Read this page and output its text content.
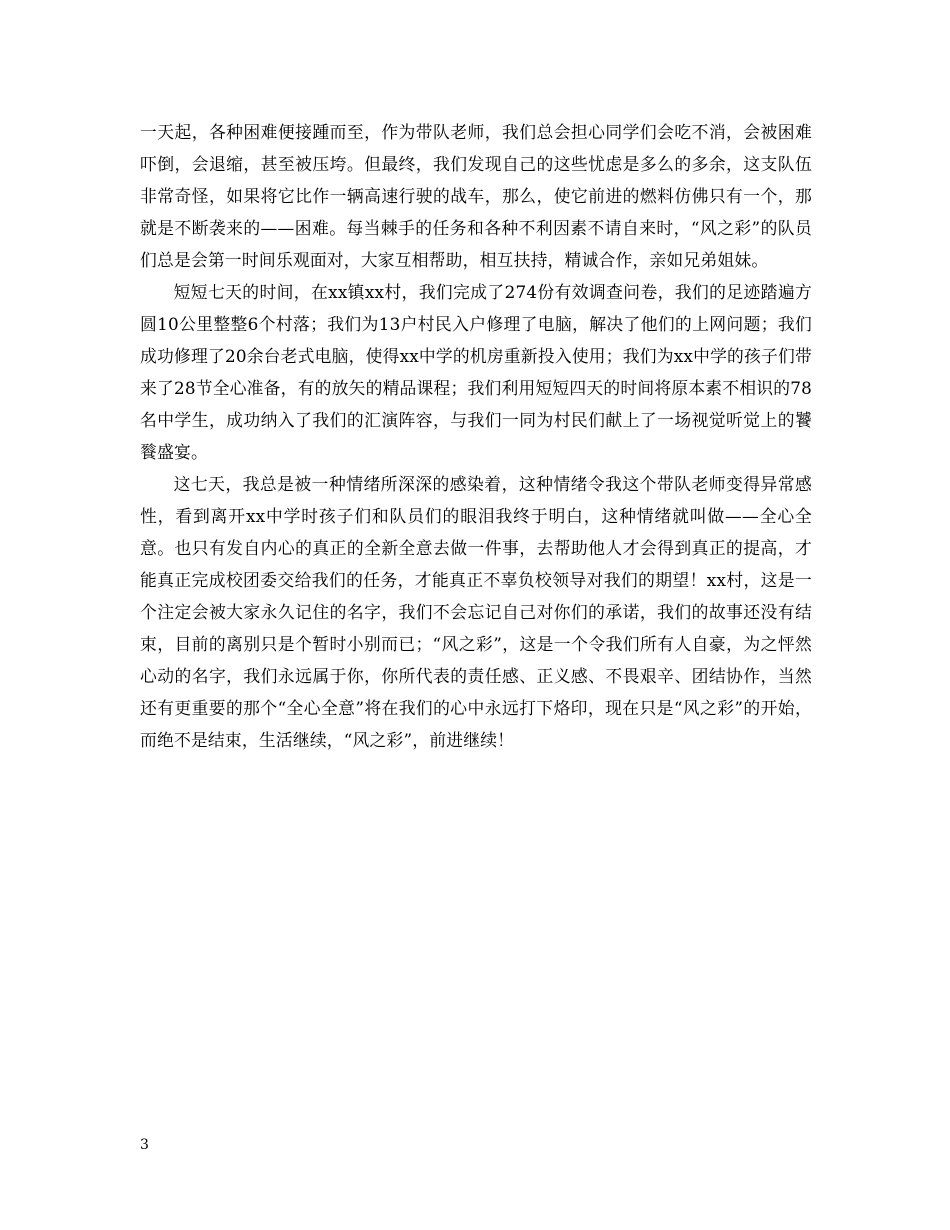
一天起，各种困难便接踵而至，作为带队老师，我们总会担心同学们会吃不消，会被困难吓倒，会退缩，甚至被压垮。但最终，我们发现自己的这些忧虑是多么的多余，这支队伍非常奇怪，如果将它比作一辆高速行驶的战车，那么，使它前进的燃料仿佛只有一个，那就是不断袭来的——困难。每当棘手的任务和各种不利因素不请自来时，“风之彩”的队员们总是会第一时间乐观面对，大家互相帮助，相互扶持，精诚合作，亲如兄弟姐妹。

短短七天的时间，在xx镇xx村，我们完成了274份有效调查问卷，我们的足迹踏遍方圆10公里整整6个村落；我们为13户村民入户修理了电脑，解决了他们的上网问题；我们成功修理了20余台老式电脑，使得xx中学的机房重新投入使用；我们为xx中学的孩子们带来了28节全心准备，有的放矢的精品课程；我们利用短短四天的时间将原本素不相识的78名中学生，成功纳入了我们的汇演阵容，与我们一同为村民们献上了一场视觉听觉上的饕餮盛宴。

这七天，我总是被一种情绪所深深的感染着，这种情绪令我这个带队老师变得异常感性，看到离开xx中学时孩子们和队员们的眼泪我终于明白，这种情绪就叫做——全心全意。也只有发自内心的真正的全新全意去做一件事，去帮助他人才会得到真正的提高，才能真正完成校团委交给我们的任务，才能真正不辜负校领导对我们的期望！xx村，这是一个注定会被大家永久记住的名字，我们不会忘记自己对你们的承诺，我们的故事还没有结束，目前的离别只是个暂时小别而已；“风之彩”，这是一个令我们所有人自豪，为之怦然心动的名字，我们永远属于你，你所代表的责任感、正义感、不畏艰辛、团结协作，当然还有更重要的那个“全心全意”将在我们的心中永远打下烙印，现在只是“风之彩”的开始，而绝不是结束，生活继续，“风之彩”，前进继续！

3
